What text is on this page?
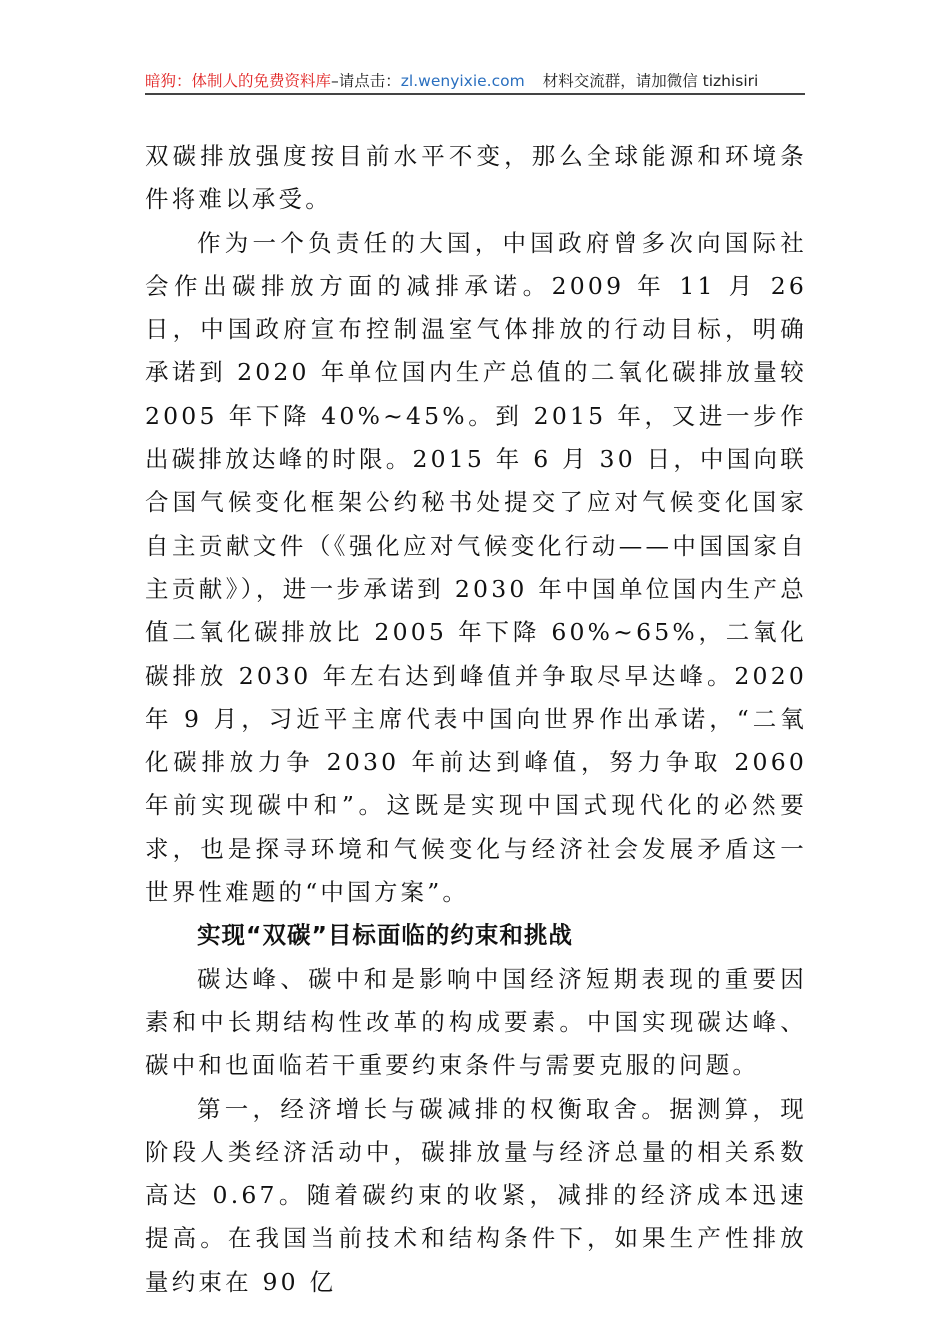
暗狗：体制人的免费资料库 –请点击： zl.wenyixie.com 材料交流群，请加微信 tizhisiri

双碳排放强度按目前水平不变，那么全球能源和环境条件将难以承受。

作为一个负责任的大国，中国政府曾多次向国际社会作出碳排放方面的减排承诺。2009 年 11 月 26 日，中国政府宣布控制温室气体排放的行动目标，明确承诺到 2020 年单位国内生产总值的二氧化碳排放量较 2005 年下降 40%~45%。到 2015 年，又进一步作出碳排放达峰的时限。2015 年 6 月 30 日，中国向联合国气候变化框架公约秘书处提交了应对气候变化国家自主贡献文件（《强化应对气候变化行动——中国国家自主贡献》），进一步承诺到 2030 年中国单位国内生产总值二氧化碳排放比 2005 年下降 60%~65%，二氧化碳排放 2030 年左右达到峰值并争取尽早达峰。2020 年 9 月，习近平主席代表中国向世界作出承诺，“二氧化碳排放力争 2030 年前达到峰值，努力争取 2060 年前实现碳中和”。这既是实现中国式现代化的必然要求，也是探寻环境和气候变化与经济社会发展矛盾这一世界性难题的“中国方案”。

实现“双碳”目标面临的约束和挑战

碳达峰、碳中和是影响中国经济短期表现的重要因素和中长期结构性改革的构成要素。中国实现碳达峰、碳中和也面临若干重要约束条件与需要克服的问题。

第一，经济增长与碳减排的权衡取舍。据测算，现阶段人类经济活动中，碳排放量与经济总量的相关系数高达 0.67。随着碳约束的收紧，减排的经济成本迅速提高。在我国当前技术和结构条件下，如果生产性排放量约束在 90 亿
